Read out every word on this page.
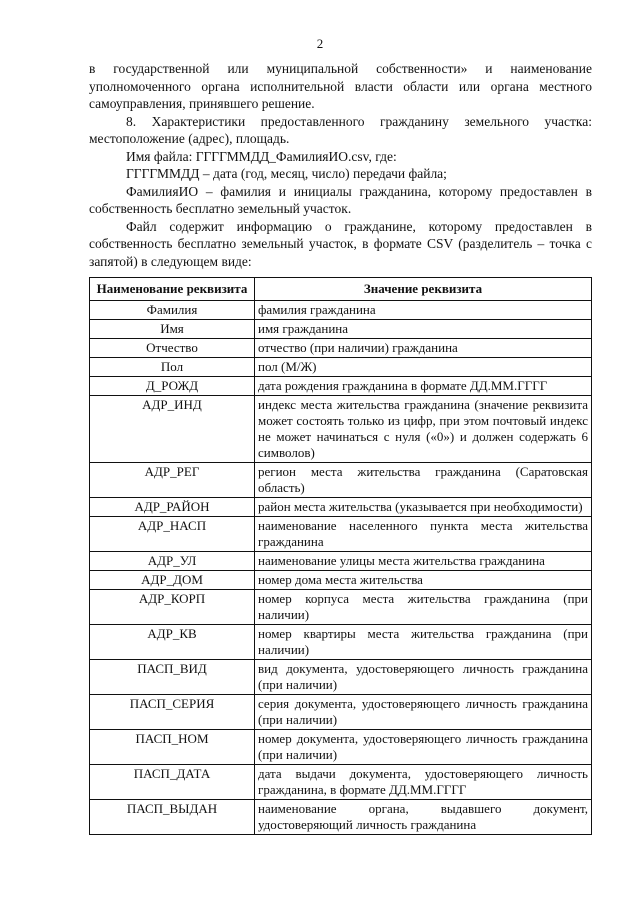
2

в государственной или муниципальной собственности» и наименование уполномоченного органа исполнительной власти области или органа местного самоуправления, принявшего решение.

8. Характеристики предоставленного гражданину земельного участка: местоположение (адрес), площадь.

Имя файла: ГГГГММДД_ФамилияИО.csv, где:

ГГГГММДД – дата (год, месяц, число) передачи файла;

ФамилияИО – фамилия и инициалы гражданина, которому предоставлен в собственность бесплатно земельный участок.

Файл содержит информацию о гражданине, которому предоставлен в собственность бесплатно земельный участок, в формате CSV (разделитель – точка с запятой) в следующем виде:

Наименование реквизита	Значение реквизита
Фамилия	фамилия гражданина
Имя	имя гражданина
Отчество	отчество (при наличии) гражданина
Пол	пол (М/Ж)
Д_РОЖД	дата рождения гражданина в формате ДД.ММ.ГГГГ
АДР_ИНД	индекс места жительства гражданина (значение реквизита может состоять только из цифр, при этом почтовый индекс не может начинаться с нуля («0») и должен содержать 6 символов)
АДР_РЕГ	регион места жительства гражданина (Саратовская область)
АДР_РАЙОН	район места жительства (указывается при необходимости)
АДР_НАСП	наименование населенного пункта места жительства гражданина
АДР_УЛ	наименование улицы места жительства гражданина
АДР_ДОМ	номер дома места жительства
АДР_КОРП	номер корпуса места жительства гражданина (при наличии)
АДР_КВ	номер квартиры места жительства гражданина (при наличии)
ПАСП_ВИД	вид документа, удостоверяющего личность гражданина (при наличии)
ПАСП_СЕРИЯ	серия документа, удостоверяющего личность гражданина (при наличии)
ПАСП_НОМ	номер документа, удостоверяющего личность гражданина (при наличии)
ПАСП_ДАТА	дата выдачи документа, удостоверяющего личность гражданина, в формате ДД.ММ.ГГГГ
ПАСП_ВЫДАН	наименование органа, выдавшего документ, удостоверяющий личность гражданина
